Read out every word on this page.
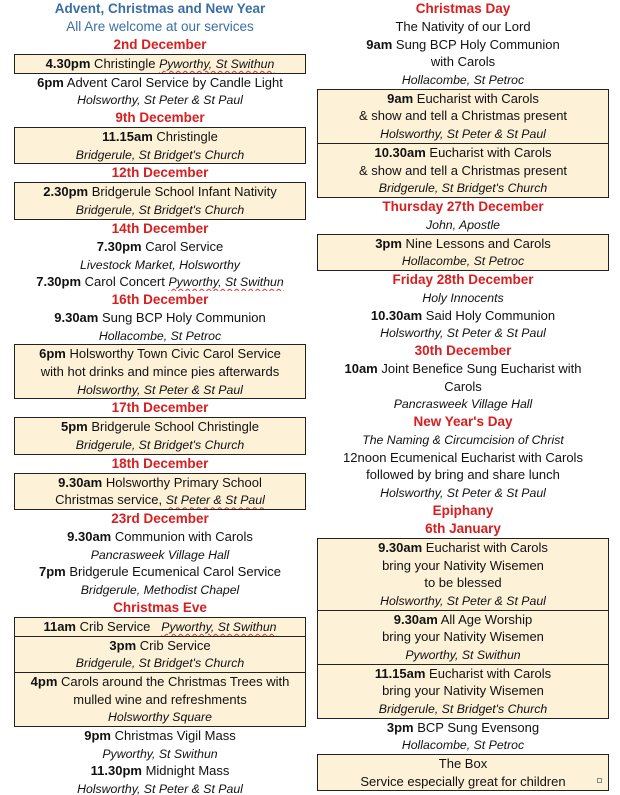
Advent, Christmas and New Year
All Are welcome at our services
2nd December
4.30pm Christingle Pyworthy, St Swithun
6pm Advent Carol Service by Candle Light
Holsworthy, St Peter & St Paul
9th December
11.15am Christingle
Bridgerule, St Bridget's Church
12th December
2.30pm Bridgerule School Infant Nativity
Bridgerule, St Bridget's Church
14th December
7.30pm Carol Service
Livestock Market, Holsworthy
7.30pm Carol Concert Pyworthy, St Swithun
16th December
9.30am Sung BCP Holy Communion
Hollacombe, St Petroc
6pm Holsworthy Town Civic Carol Service
with hot drinks and mince pies afterwards
Holsworthy, St Peter & St Paul
17th December
5pm Bridgerule School Christingle
Bridgerule, St Bridget's Church
18th December
9.30am Holsworthy Primary School
Christmas service, St Peter & St Paul
23rd December
9.30am Communion with Carols
Pancrasweek Village Hall
7pm Bridgerule Ecumenical Carol Service
Bridgerule, Methodist Chapel
Christmas Eve
11am Crib Service   Pyworthy, St Swithun
3pm Crib Service
Bridgerule, St Bridget's Church
4pm Carols around the Christmas Trees with
mulled wine and refreshments
Holsworthy Square
9pm Christmas Vigil Mass
Pyworthy, St Swithun
11.30pm Midnight Mass
Holsworthy, St Peter & St Paul
Christmas Day
The Nativity of our Lord
9am Sung BCP Holy Communion
with Carols
Hollacombe, St Petroc
9am Eucharist with Carols
& show and tell a Christmas present
Holsworthy, St Peter & St Paul
10.30am Eucharist with Carols
& show and tell a Christmas present
Bridgerule, St Bridget's Church
Thursday 27th December
John, Apostle
3pm Nine Lessons and Carols
Hollacombe, St Petroc
Friday 28th December
Holy Innocents
10.30am Said Holy Communion
Holsworthy, St Peter & St Paul
30th December
10am Joint Benefice Sung Eucharist with
Carols
Pancrasweek Village Hall
New Year's Day
The Naming & Circumcision of Christ
12noon Ecumenical Eucharist with Carols
followed by bring and share lunch
Holsworthy, St Peter & St Paul
Epiphany
6th January
9.30am Eucharist with Carols
bring your Nativity Wisemen
to be blessed
Holsworthy, St Peter & St Paul
9.30am All Age Worship
bring your Nativity Wisemen
Pyworthy, St Swithun
11.15am Eucharist with Carols
bring your Nativity Wisemen
Bridgerule, St Bridget's Church
3pm BCP Sung Evensong
Hollacombe, St Petroc
The Box
Service especially great for children
